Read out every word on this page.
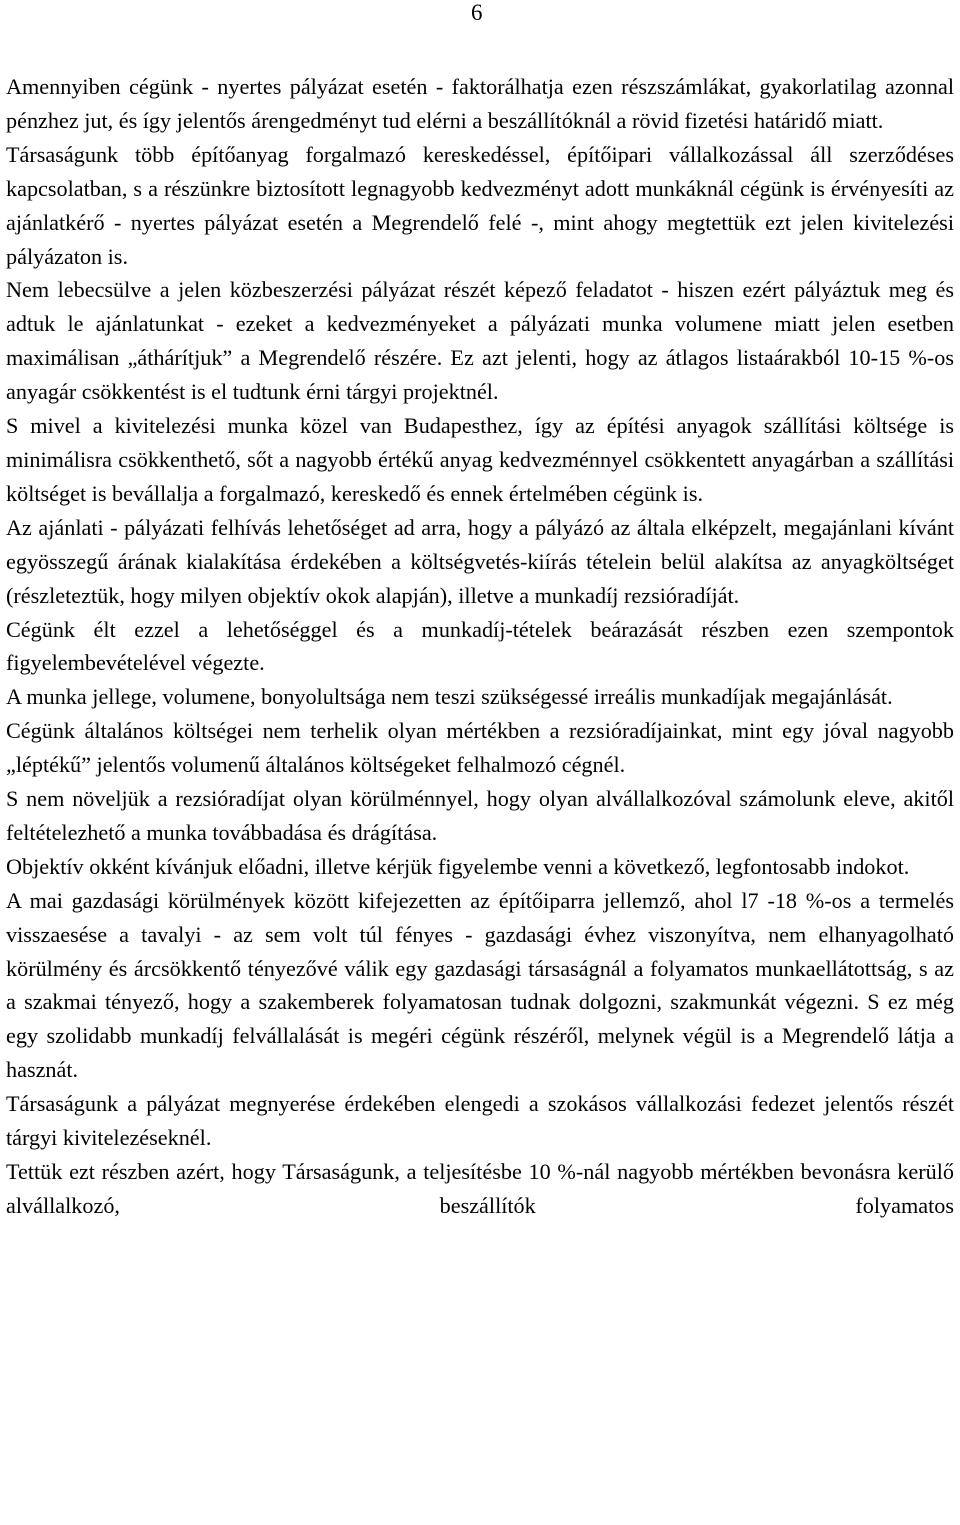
6

Amennyiben cégünk - nyertes pályázat esetén - faktorálhatja ezen részszámlákat, gyakorlatilag azonnal pénzhez jut, és így jelentős árengedményt tud elérni a beszállítóknál a rövid fizetési határidő miatt.

Társaságunk több építőanyag forgalmazó kereskedéssel, építőipari vállalkozással áll szerződéses kapcsolatban, s a részünkre biztosított legnagyobb kedvezményt adott munkáknál cégünk is érvényesíti az ajánlatkérő - nyertes pályázat esetén a Megrendelő felé -, mint ahogy megtettük ezt jelen kivitelezési pályázaton is.

Nem lebecsülve a jelen közbeszerzési pályázat részét képező feladatot - hiszen ezért pályáztuk meg és adtuk le ajánlatunkat - ezeket a kedvezményeket a pályázati munka volumene miatt jelen esetben maximálisan „áthárítjuk” a Megrendelő részére. Ez azt jelenti, hogy az átlagos listaárakból 10-15 %-os anyagár csökkentést is el tudtunk érni tárgyi projektnél.

S mivel a kivitelezési munka közel van Budapesthez, így az építési anyagok szállítási költsége is minimálisra csökkenthető, sőt a nagyobb értékű anyag kedvezménnyel csökkentett anyagárban a szállítási költséget is bevállalja a forgalmazó, kereskedő és ennek értelmében cégünk is.

Az ajánlati - pályázati felhívás lehetőséget ad arra, hogy a pályázó az általa elképzelt, megajánlani kívánt egyösszegű árának kialakítása érdekében a költségvetés-kiírás tételein belül alakítsa az anyagköltséget (részleteztük, hogy milyen objektív okok alapján), illetve a munkadíj rezsióradíját.

Cégünk élt ezzel a lehetőséggel és a munkadíj-tételek beárazását részben ezen szempontok figyelembevételével végezte.

A munka jellege, volumene, bonyolultsága nem teszi szükségessé irreális munkadíjak megajánlását.

Cégünk általános költségei nem terhelik olyan mértékben a rezsióradíjainkat, mint egy jóval nagyobb „léptékű” jelentős volumenű általános költségeket felhalmozó cégnél.

S nem növeljük a rezsióradíjat olyan körülménnyel, hogy olyan alvállalkozóval számolunk eleve, akitől feltételezhető a munka továbbadása és drágítása.

Objektív okként kívánjuk előadni, illetve kérjük figyelembe venni a következő, legfontosabb indokot.

A mai gazdasági körülmények között kifejezetten az építőiparra jellemző, ahol l7 -18 %-os a termelés visszaesése a tavalyi - az sem volt túl fényes - gazdasági évhez viszonyítva, nem elhanyagolható körülmény és árcsökkentő tényezővé válik egy gazdasági társaságnál a folyamatos munkaellátottság, s az a szakmai tényező, hogy a szakemberek folyamatosan tudnak dolgozni, szakmunkát végezni. S ez még egy szolidabb munkadíj felvállalását is megéri cégünk részéről, melynek végül is a Megrendelő látja a hasznát.

Társaságunk a pályázat megnyerése érdekében elengedi a szokásos vállalkozási fedezet jelentős részét tárgyi kivitelezéseknél.

Tettük ezt részben azért, hogy Társaságunk, a teljesítésbe 10 %-nál nagyobb mértékben bevonásra kerülő alvállalkozó, beszállítók folyamatos
